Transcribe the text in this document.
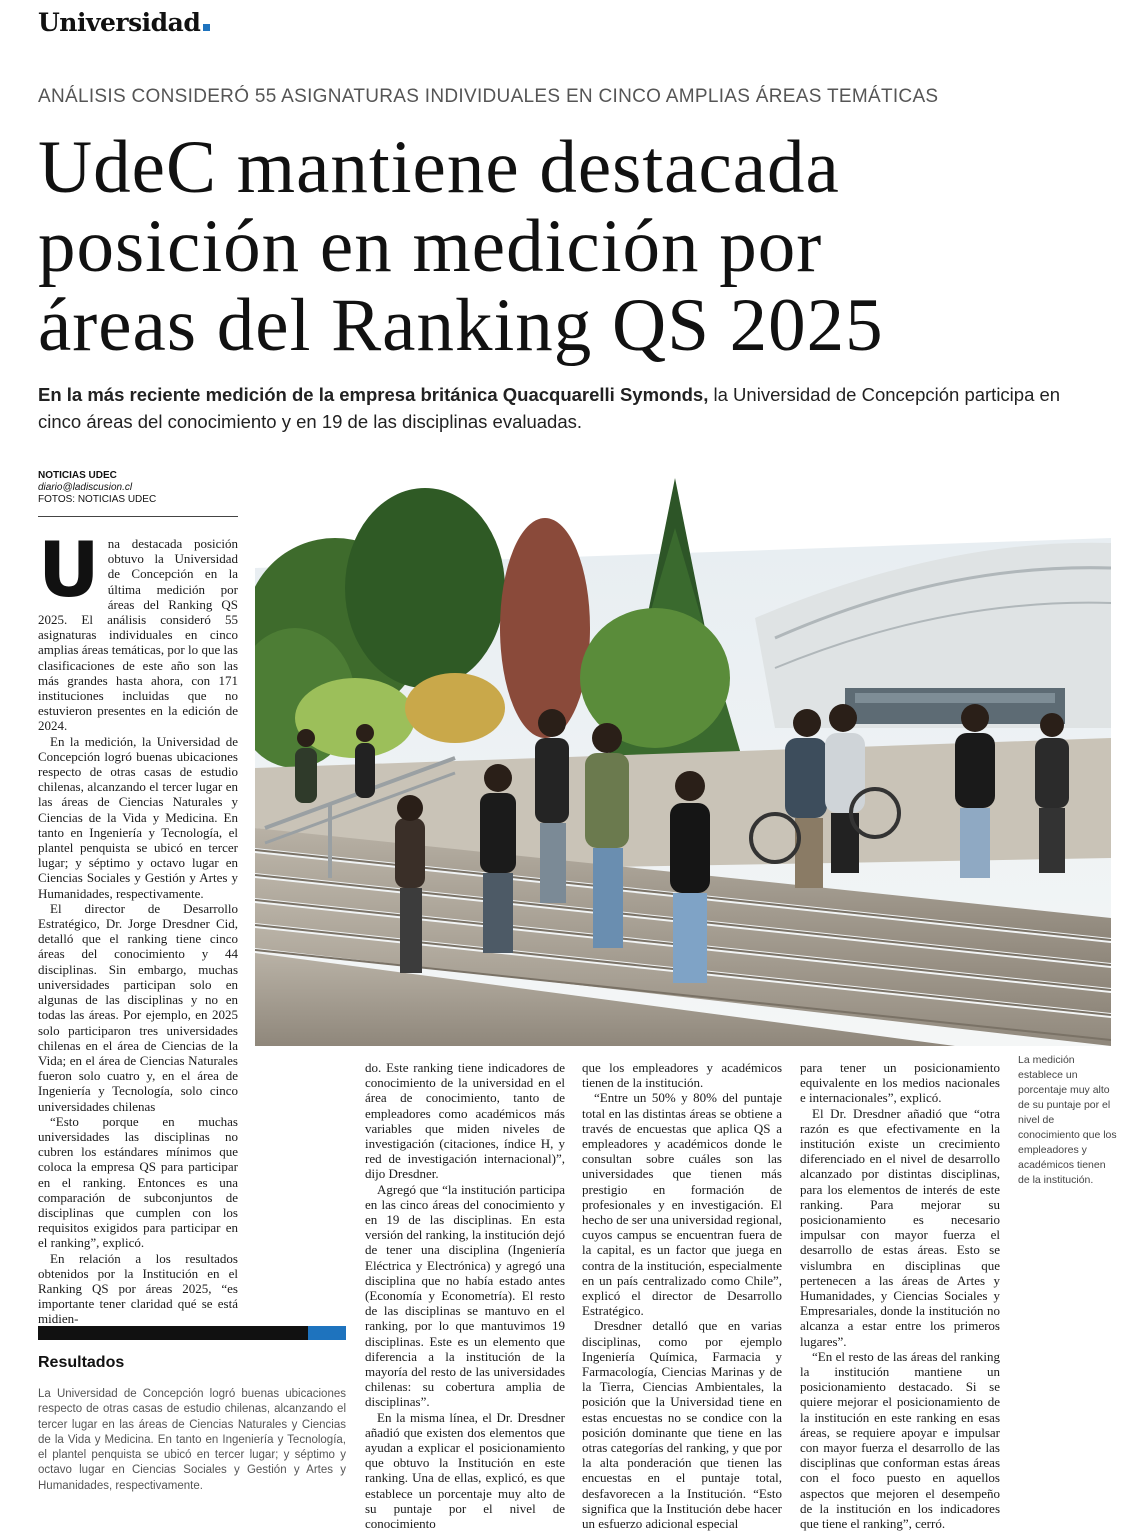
Universidad
ANÁLISIS CONSIDERÓ 55 ASIGNATURAS INDIVIDUALES EN CINCO AMPLIAS ÁREAS TEMÁTICAS
UdeC mantiene destacada
posición en medición por
áreas del Ranking QS 2025
En la más reciente medición de la empresa británica Quacquarelli Symonds, la Universidad de Concepción participa en cinco áreas del conocimiento y en 19 de las disciplinas evaluadas.
NOTICIAS UDEC
diario@ladiscusion.cl
FOTOS: NOTICIAS UDEC

Una destacada posición obtuvo la Universidad de Concepción en la última medición por áreas del Ranking QS 2025. El análisis consideró 55 asignaturas individuales en cinco amplias áreas temáticas, por lo que las clasificaciones de este año son las más grandes hasta ahora, con 171 instituciones incluidas que no estuvieron presentes en la edición de 2024.

En la medición, la Universidad de Concepción logró buenas ubicaciones respecto de otras casas de estudio chilenas, alcanzando el tercer lugar en las áreas de Ciencias Naturales y Ciencias de la Vida y Medicina. En tanto en Ingeniería y Tecnología, el plantel penquista se ubicó en tercer lugar; y séptimo y octavo lugar en Ciencias Sociales y Gestión y Artes y Humanidades, respectivamente.

El director de Desarrollo Estratégico, Dr. Jorge Dresdner Cid, detalló que el ranking tiene cinco áreas del conocimiento y 44 disciplinas. Sin embargo, muchas universidades participan solo en algunas de las disciplinas y no en todas las áreas. Por ejemplo, en 2025 solo participaron tres universidades chilenas en el área de Ciencias de la Vida; en el área de Ciencias Naturales fueron solo cuatro y, en el área de Ingeniería y Tecnología, solo cinco universidades chilenas

“Esto porque en muchas universidades las disciplinas no cubren los estándares mínimos que coloca la empresa QS para participar en el ranking. Entonces es una comparación de subconjuntos de disciplinas que cumplen con los requisitos exigidos para participar en el ranking”, explicó.

En relación a los resultados obtenidos por la Institución en el Ranking QS por áreas 2025, “es importante tener claridad qué se está midien-

do. Este ranking tiene indicadores de conocimiento de la universidad en el área de conocimiento, tanto de empleadores como académicos más variables que miden niveles de investigación (citaciones, índice H, y red de investigación internacional)”, dijo Dresdner.

Agregó que “la institución participa en las cinco áreas del conocimiento y en 19 de las disciplinas. En esta versión del ranking, la institución dejó de tener una disciplina (Ingeniería Eléctrica y Electrónica) y agregó una disciplina que no había estado antes (Economía y Econometría). El resto de las disciplinas se mantuvo en el ranking, por lo que mantuvimos 19 disciplinas. Este es un elemento que diferencia a la institución de la mayoría del resto de las universidades chilenas: su cobertura amplia de disciplinas”.

En la misma línea, el Dr. Dresdner añadió que existen dos elementos que ayudan a explicar el posicionamiento que obtuvo la Institución en este ranking. Una de ellas, explicó, es que establece un porcentaje muy alto de su puntaje por el nivel de conocimiento

que los empleadores y académicos tienen de la institución.

“Entre un 50% y 80% del puntaje total en las distintas áreas se obtiene a través de encuestas que aplica QS a empleadores y académicos donde le consultan sobre cuáles son las universidades que tienen más prestigio en formación de profesionales y en investigación. El hecho de ser una universidad regional, cuyos campus se encuentran fuera de la capital, es un factor que juega en contra de la institución, especialmente en un país centralizado como Chile”, explicó el director de Desarrollo Estratégico.

Dresdner detalló que en varias disciplinas, como por ejemplo Ingeniería Química, Farmacia y Farmacología, Ciencias Marinas y de la Tierra, Ciencias Ambientales, la posición que la Universidad tiene en estas encuestas no se condice con la posición dominante que tiene en las otras categorías del ranking, y que por la alta ponderación que tienen las encuestas en el puntaje total, desfavorecen a la Institución. “Esto significa que la Institución debe hacer un esfuerzo adicional especial

para tener un posicionamiento equivalente en los medios nacionales e internacionales”, explicó.

El Dr. Dresdner añadió que “otra razón es que efectivamente en la institución existe un crecimiento diferenciado en el nivel de desarrollo alcanzado por distintas disciplinas, para los elementos de interés de este ranking. Para mejorar su posicionamiento es necesario impulsar con mayor fuerza el desarrollo de estas áreas. Esto se vislumbra en disciplinas que pertenecen a las áreas de Artes y Humanidades, y Ciencias Sociales y Empresariales, donde la institución no alcanza a estar entre los primeros lugares”.

“En el resto de las áreas del ranking la institución mantiene un posicionamiento destacado. Si se quiere mejorar el posicionamiento de la institución en este ranking en esas áreas, se requiere apoyar e impulsar con mayor fuerza el desarrollo de las disciplinas que conforman estas áreas con el foco puesto en aquellos aspectos que mejoren el desempeño de la institución en los indicadores que tiene el ranking”, cerró.

La medición establece un porcentaje muy alto de su puntaje por el nivel de conocimiento que los empleadores y académicos tienen de la institución.
Resultados
La Universidad de Concepción logró buenas ubicaciones respecto de otras casas de estudio chilenas, alcanzando el tercer lugar en las áreas de Ciencias Naturales y Ciencias de la Vida y Medicina. En tanto en Ingeniería y Tecnología, el plantel penquista se ubicó en tercer lugar; y séptimo y octavo lugar en Ciencias Sociales y Gestión y Artes y Humanidades, respectivamente.
